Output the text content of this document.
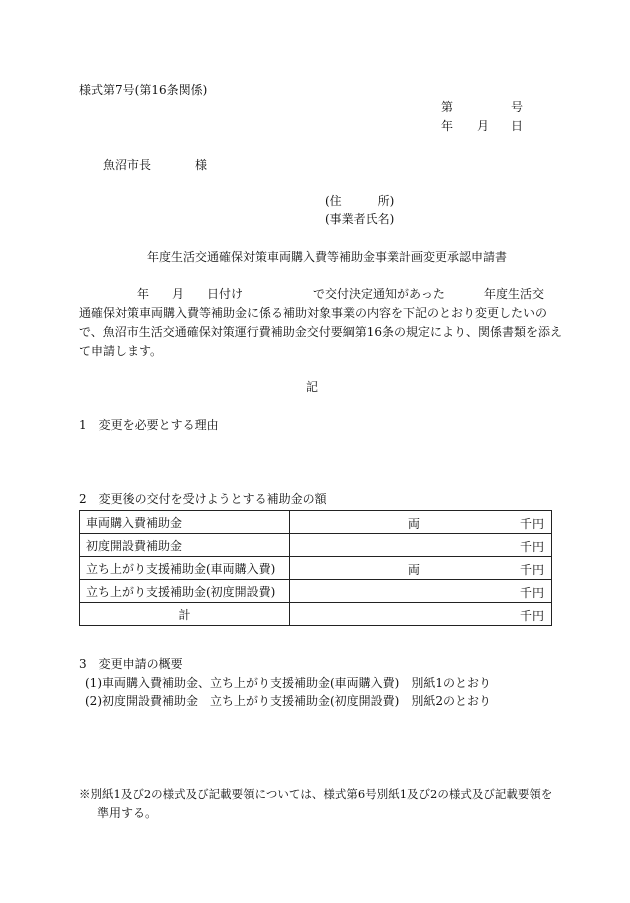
様式第7号(第16条関係)
第	号
年 月 日
魚沼市長	様
(住　　　所)
(事業者氏名)
年度生活交通確保対策車両購入費等補助金事業計画変更承認申請書
年 月 日付け	で交付決定通知があった	年度生活交
通確保対策車両購入費等補助金に係る補助対象事業の内容を下記のとおり変更したいの
で、魚沼市生活交通確保対策運行費補助金交付要綱第16条の規定により、関係書類を添え
て申請します。
記
1　変更を必要とする理由
2　変更後の交付を受けようとする補助金の額
車両購入費補助金	両 千円

初度開設費補助金	千円

立ち上がり支援補助金(車両購入費)	両 千円

立ち上がり支援補助金(初度開設費)	千円

計	千円
3　変更申請の概要
(1)車両購入費補助金、立ち上がり支援補助金(車両購入費)　別紙1のとおり
(2)初度開設費補助金　立ち上がり支援補助金(初度開設費)　別紙2のとおり
※別紙1及び2の様式及び記載要領については、様式第6号別紙1及び2の様式及び記載要領を
準用する。
